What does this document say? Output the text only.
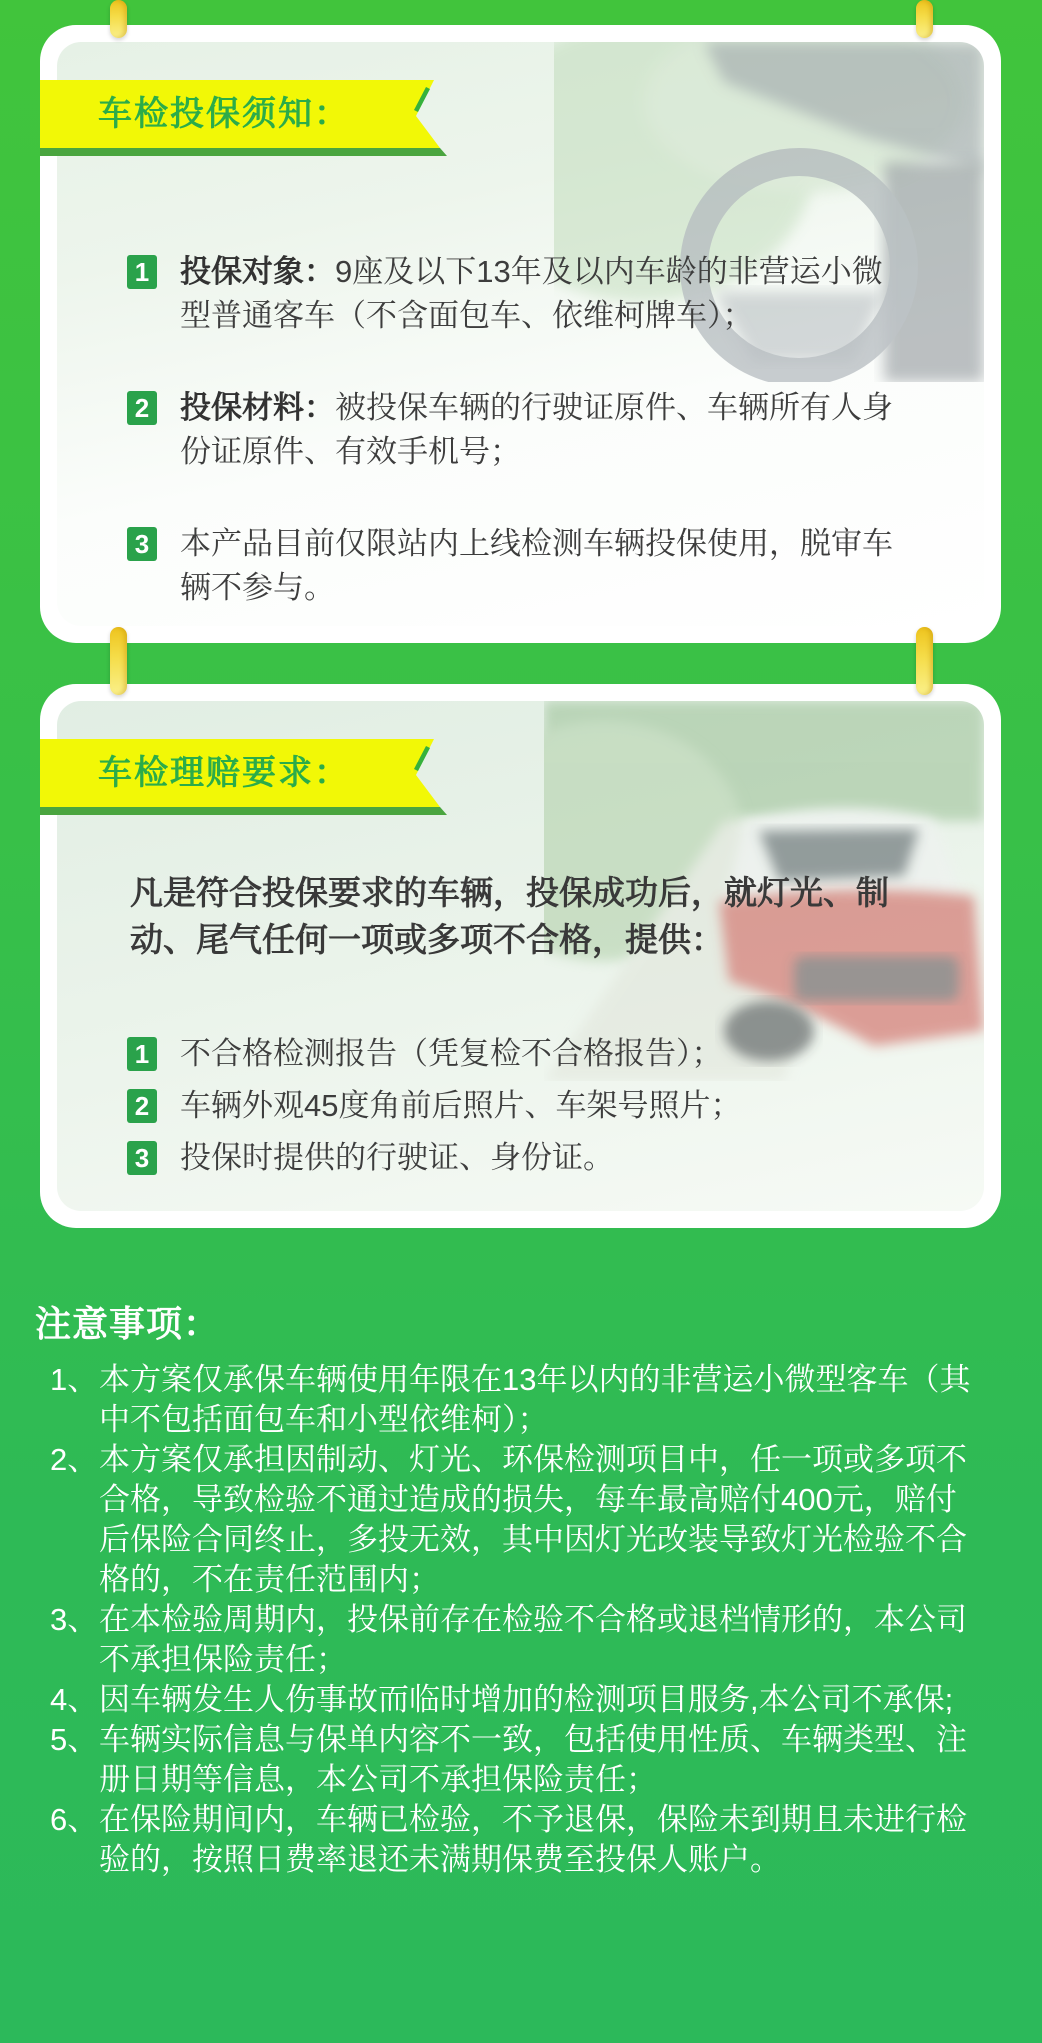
车检投保须知：
1 投保对象：9座及以下13年及以内车龄的非营运小微型普通客车（不含面包车、依维柯牌车）；
2 投保材料：被投保车辆的行驶证原件、车辆所有人身份证原件、有效手机号；
3 本产品目前仅限站内上线检测车辆投保使用，脱审车辆不参与。
车检理赔要求：
凡是符合投保要求的车辆，投保成功后，就灯光、制动、尾气任何一项或多项不合格，提供：
1 不合格检测报告（凭复检不合格报告）；
2 车辆外观45度角前后照片、车架号照片；
3 投保时提供的行驶证、身份证。
注意事项：
1、 本方案仅承保车辆使用年限在13年以内的非营运小微型客车（其中不包括面包车和小型依维柯）；
2、 本方案仅承担因制动、灯光、环保检测项目中，任一项或多项不合格，导致检验不通过造成的损失，每车最高赔付400元，赔付后保险合同终止，多投无效，其中因灯光改装导致灯光检验不合格的，不在责任范围内；
3、 在本检验周期内，投保前存在检验不合格或退档情形的，本公司不承担保险责任；
4、 因车辆发生人伤事故而临时增加的检测项目服务,本公司不承保;
5、 车辆实际信息与保单内容不一致，包括使用性质、车辆类型、注册日期等信息，本公司不承担保险责任；
6、 在保险期间内，车辆已检验，不予退保，保险未到期且未进行检验的，按照日费率退还未满期保费至投保人账户。
